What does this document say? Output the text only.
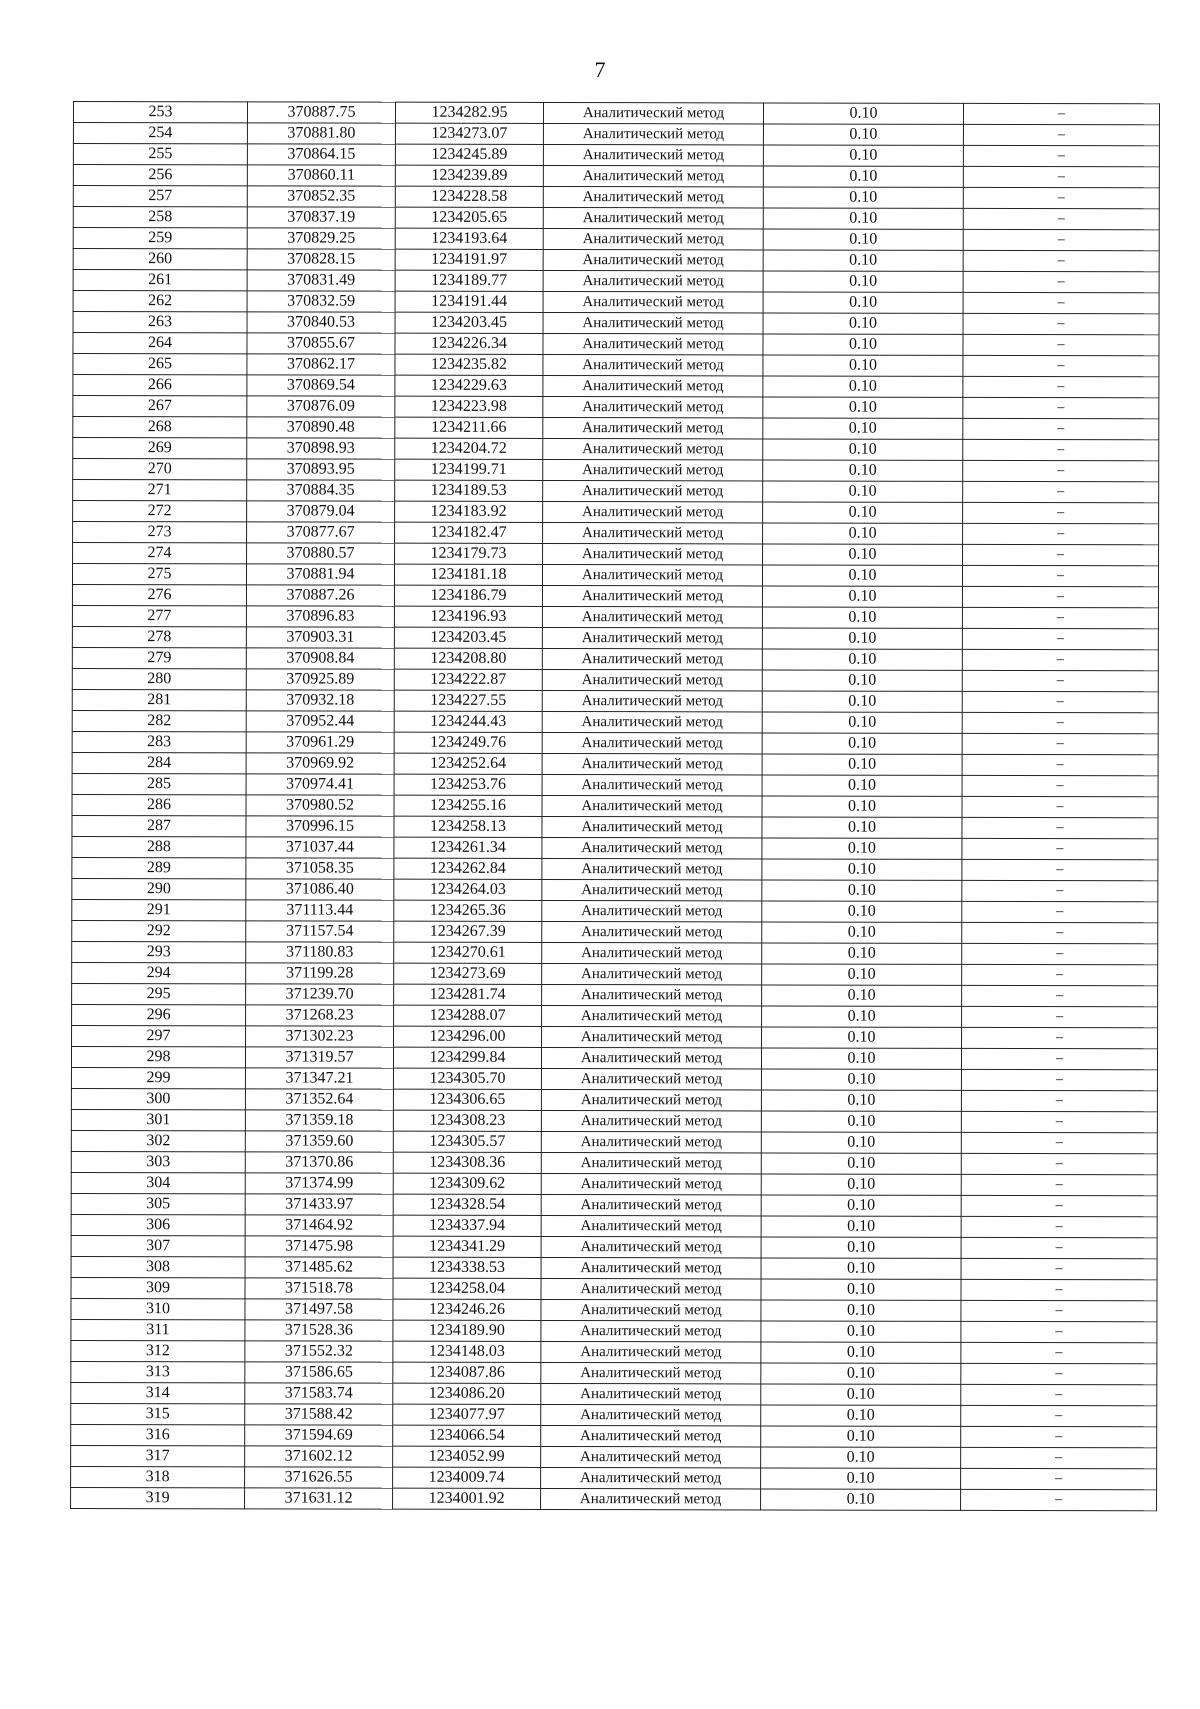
7
253	370887.75	1234282.95	Аналитический метод	0.10	–
254	370881.80	1234273.07	Аналитический метод	0.10	–
255	370864.15	1234245.89	Аналитический метод	0.10	–
256	370860.11	1234239.89	Аналитический метод	0.10	–
257	370852.35	1234228.58	Аналитический метод	0.10	–
258	370837.19	1234205.65	Аналитический метод	0.10	–
259	370829.25	1234193.64	Аналитический метод	0.10	–
260	370828.15	1234191.97	Аналитический метод	0.10	–
261	370831.49	1234189.77	Аналитический метод	0.10	–
262	370832.59	1234191.44	Аналитический метод	0.10	–
263	370840.53	1234203.45	Аналитический метод	0.10	–
264	370855.67	1234226.34	Аналитический метод	0.10	–
265	370862.17	1234235.82	Аналитический метод	0.10	–
266	370869.54	1234229.63	Аналитический метод	0.10	–
267	370876.09	1234223.98	Аналитический метод	0.10	–
268	370890.48	1234211.66	Аналитический метод	0.10	–
269	370898.93	1234204.72	Аналитический метод	0.10	–
270	370893.95	1234199.71	Аналитический метод	0.10	–
271	370884.35	1234189.53	Аналитический метод	0.10	–
272	370879.04	1234183.92	Аналитический метод	0.10	–
273	370877.67	1234182.47	Аналитический метод	0.10	–
274	370880.57	1234179.73	Аналитический метод	0.10	–
275	370881.94	1234181.18	Аналитический метод	0.10	–
276	370887.26	1234186.79	Аналитический метод	0.10	–
277	370896.83	1234196.93	Аналитический метод	0.10	–
278	370903.31	1234203.45	Аналитический метод	0.10	–
279	370908.84	1234208.80	Аналитический метод	0.10	–
280	370925.89	1234222.87	Аналитический метод	0.10	–
281	370932.18	1234227.55	Аналитический метод	0.10	–
282	370952.44	1234244.43	Аналитический метод	0.10	–
283	370961.29	1234249.76	Аналитический метод	0.10	–
284	370969.92	1234252.64	Аналитический метод	0.10	–
285	370974.41	1234253.76	Аналитический метод	0.10	–
286	370980.52	1234255.16	Аналитический метод	0.10	–
287	370996.15	1234258.13	Аналитический метод	0.10	–
288	371037.44	1234261.34	Аналитический метод	0.10	–
289	371058.35	1234262.84	Аналитический метод	0.10	–
290	371086.40	1234264.03	Аналитический метод	0.10	–
291	371113.44	1234265.36	Аналитический метод	0.10	–
292	371157.54	1234267.39	Аналитический метод	0.10	–
293	371180.83	1234270.61	Аналитический метод	0.10	–
294	371199.28	1234273.69	Аналитический метод	0.10	–
295	371239.70	1234281.74	Аналитический метод	0.10	–
296	371268.23	1234288.07	Аналитический метод	0.10	–
297	371302.23	1234296.00	Аналитический метод	0.10	–
298	371319.57	1234299.84	Аналитический метод	0.10	–
299	371347.21	1234305.70	Аналитический метод	0.10	–
300	371352.64	1234306.65	Аналитический метод	0.10	–
301	371359.18	1234308.23	Аналитический метод	0.10	–
302	371359.60	1234305.57	Аналитический метод	0.10	–
303	371370.86	1234308.36	Аналитический метод	0.10	–
304	371374.99	1234309.62	Аналитический метод	0.10	–
305	371433.97	1234328.54	Аналитический метод	0.10	–
306	371464.92	1234337.94	Аналитический метод	0.10	–
307	371475.98	1234341.29	Аналитический метод	0.10	–
308	371485.62	1234338.53	Аналитический метод	0.10	–
309	371518.78	1234258.04	Аналитический метод	0.10	–
310	371497.58	1234246.26	Аналитический метод	0.10	–
311	371528.36	1234189.90	Аналитический метод	0.10	–
312	371552.32	1234148.03	Аналитический метод	0.10	–
313	371586.65	1234087.86	Аналитический метод	0.10	–
314	371583.74	1234086.20	Аналитический метод	0.10	–
315	371588.42	1234077.97	Аналитический метод	0.10	–
316	371594.69	1234066.54	Аналитический метод	0.10	–
317	371602.12	1234052.99	Аналитический метод	0.10	–
318	371626.55	1234009.74	Аналитический метод	0.10	–
319	371631.12	1234001.92	Аналитический метод	0.10	–
